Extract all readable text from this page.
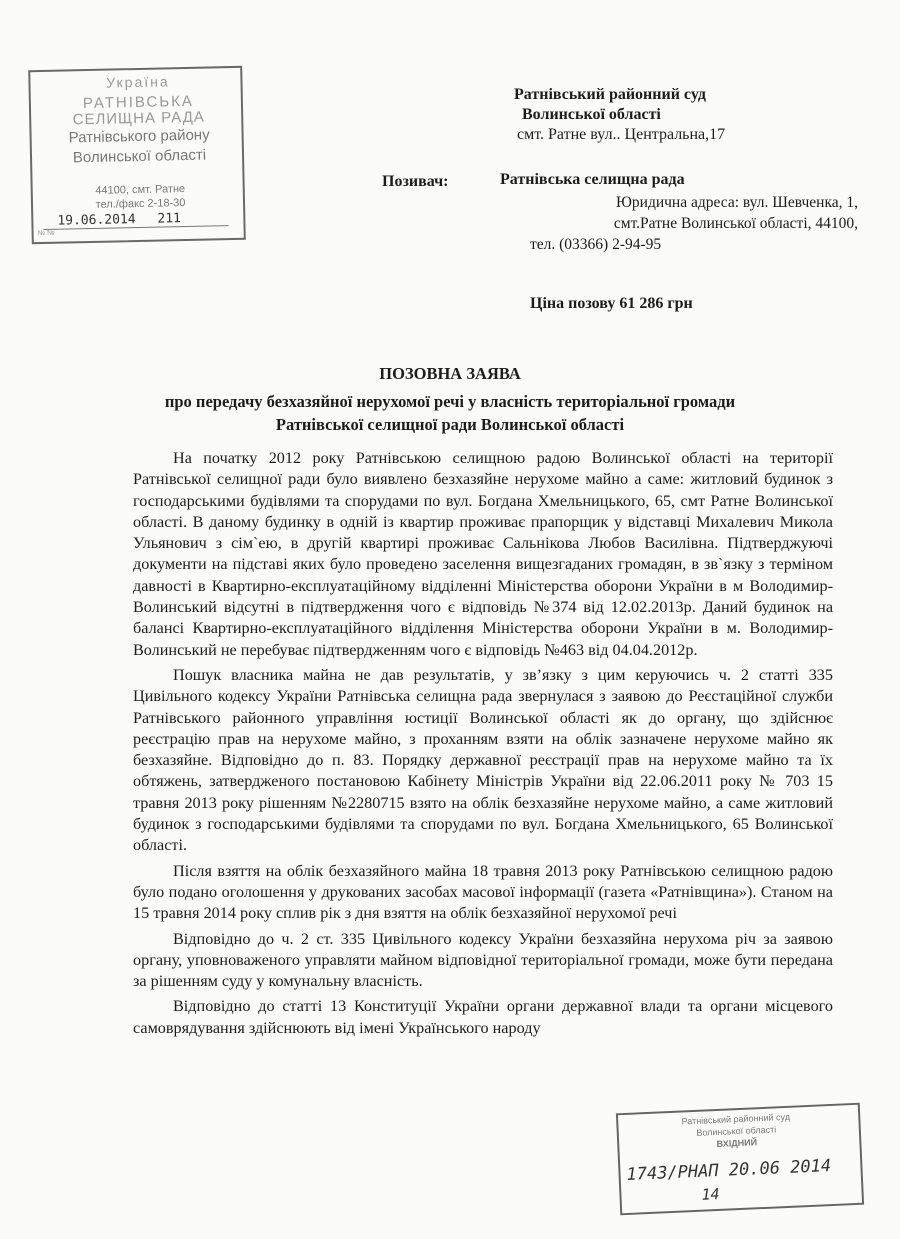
Україна
РАТНІВСЬКА
СЕЛИЩНА РАДА
Ратнівського району
Волинської області
44100, смт. Ратне
тел./факс 2-18-30
19.06.2014 211
№ №
Ратнівський районний суд
Волинської області
смт. Ратне вул.. Центральна,17
Позивач:	Ратнівська селищна рада
Юридична адреса: вул. Шевченка, 1,
смт.Ратне Волинської області, 44100,
тел. (03366) 2-94-95
Ціна позову 61 286 грн
ПОЗОВНА ЗАЯВА
про передачу безхазяйної нерухомої речі у власність територіальної громади
Ратнівської селищної ради Волинської області

На початку 2012 року Ратнівською селищною радою Волинської області на території Ратнівської селищної ради було виявлено безхазяйне нерухоме майно а саме: житловий будинок з господарськими будівлями та спорудами по вул. Богдана Хмельницького, 65, смт Ратне Волинської області. В даному будинку в одній із квартир проживає прапорщик у відставці Михалевич Микола Ульянович з сім`ею, в другій квартирі проживає Сальнікова Любов Василівна. Підтверджуючі документи на підставі яких було проведено заселення вищезгаданих громадян, в зв`язку з терміном давності в Квартирно-експлуатаційному відділенні Міністерства оборони України в м Володимир-Волинський відсутні в підтвердження чого є відповідь №374 від 12.02.2013р. Даний будинок на балансі Квартирно-експлуатаційного відділення Міністерства оборони України в м. Володимир-Волинський не перебуває підтвердженням чого є відповідь №463 від 04.04.2012р.

Пошук власника майна не дав результатів, у зв’язку з цим керуючись ч. 2 статті 335 Цивільного кодексу України Ратнівська селищна рада звернулася з заявою до Реєстаційної служби Ратнівського районного управління юстиції Волинської області як до органу, що здійснює реєстрацію прав на нерухоме майно, з проханням взяти на облік зазначене нерухоме майно як безхазяйне. Відповідно до п. 83. Порядку державної реєстрації прав на нерухоме майно та їх обтяжень, затвердженого постановою Кабінету Міністрів України від 22.06.2011 року № 703 15 травня 2013 року рішенням №2280715 взято на облік безхазяйне нерухоме майно, а саме житловий будинок з господарськими будівлями та спорудами по вул. Богдана Хмельницького, 65 Волинської області.

Після взяття на облік безхазяйного майна 18 травня 2013 року Ратнівською селищною радою було подано оголошення у друкованих засобах масової інформації (газета «Ратнівщина»). Станом на 15 травня 2014 року сплив рік з дня взяття на облік безхазяйної нерухомої речі

Відповідно до ч. 2 ст. 335 Цивільного кодексу України безхазяйна нерухома річ за заявою органу, уповноваженого управляти майном відповідної територіальної громади, може бути передана за рішенням суду у комунальну власність.

Відповідно до статті 13 Конституції України органи державної влади та органи місцевого самоврядування здійснюють від імені Українського народу

Ратнівський районний суд
Волинської області
ВХІДНИЙ
1743/РНАП 20.06 2014
14
